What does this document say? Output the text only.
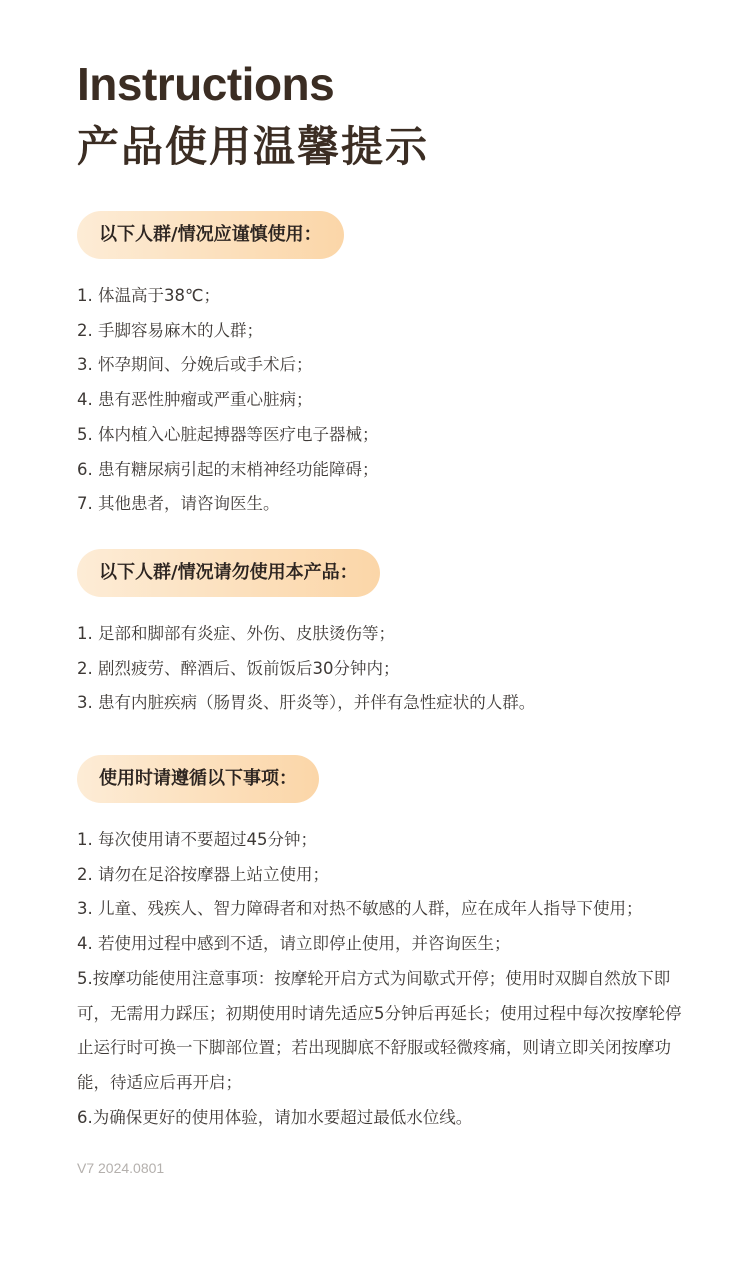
Instructions
产品使用温馨提示
以下人群/情况应谨慎使用：
1. 体温高于38℃；
2. 手脚容易麻木的人群；
3. 怀孕期间、分娩后或手术后；
4. 患有恶性肿瘤或严重心脏病；
5. 体内植入心脏起搏器等医疗电子器械；
6. 患有糖尿病引起的末梢神经功能障碍；
7. 其他患者，请咨询医生。
以下人群/情况请勿使用本产品：
1. 足部和脚部有炎症、外伤、皮肤烫伤等；
2. 剧烈疲劳、醉酒后、饭前饭后30分钟内；
3. 患有内脏疾病（肠胃炎、肝炎等），并伴有急性症状的人群。
使用时请遵循以下事项：
1. 每次使用请不要超过45分钟；
2. 请勿在足浴按摩器上站立使用；
3. 儿童、残疾人、智力障碍者和对热不敏感的人群，应在成年人指导下使用；
4. 若使用过程中感到不适，请立即停止使用，并咨询医生；
5.按摩功能使用注意事项：按摩轮开启方式为间歇式开停；使用时双脚自然放下即可，无需用力踩压；初期使用时请先适应5分钟后再延长；使用过程中每次按摩轮停止运行时可换一下脚部位置；若出现脚底不舒服或轻微疼痛，则请立即关闭按摩功能，待适应后再开启；
6.为确保更好的使用体验，请加水要超过最低水位线。
V7 2024.0801
